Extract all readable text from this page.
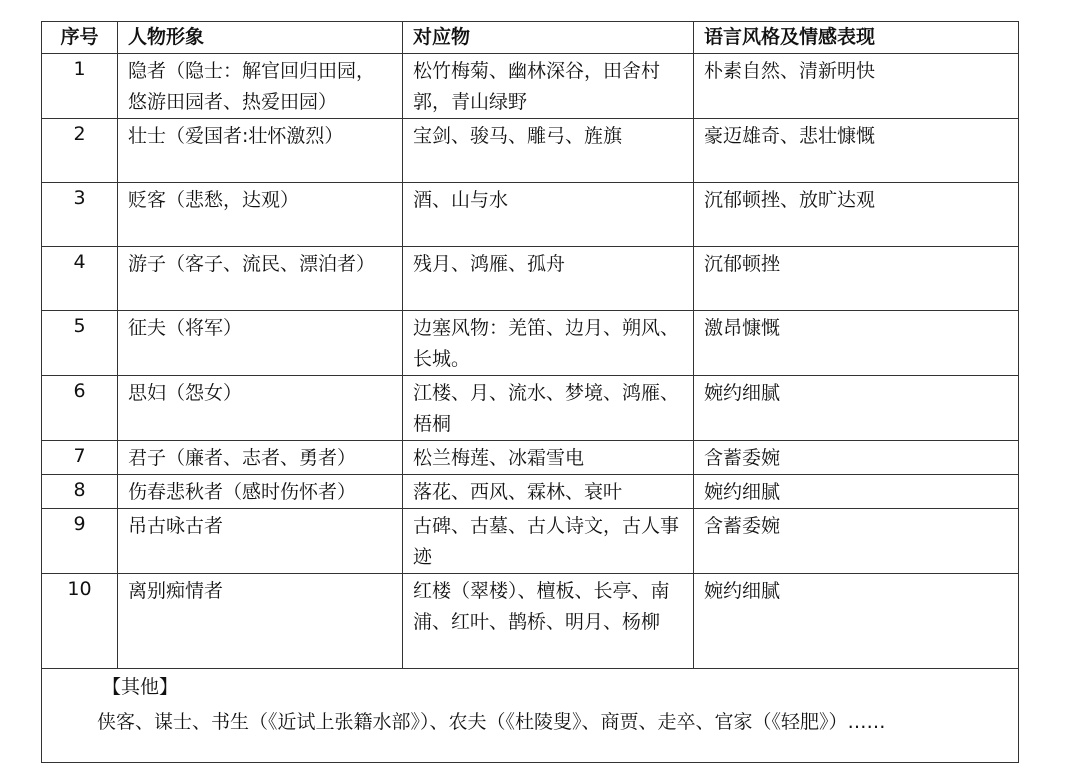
序号	人物形象	对应物	语言风格及情感表现
1	隐者（隐士：解官回归田园，悠游田园者、热爱田园）	松竹梅菊、幽林深谷，田舍村郭，青山绿野	朴素自然、清新明快
2	壮士（爱国者:壮怀激烈）	宝剑、骏马、雕弓、旌旗	豪迈雄奇、悲壮慷慨
3	贬客（悲愁，达观）	酒、山与水	沉郁顿挫、放旷达观
4	游子（客子、流民、漂泊者）	残月、鸿雁、孤舟	沉郁顿挫
5	征夫（将军）	边塞风物：羌笛、边月、朔风、长城。	激昂慷慨
6	思妇（怨女）	江楼、月、流水、梦境、鸿雁、梧桐	婉约细腻
7	君子（廉者、志者、勇者）	松兰梅莲、冰霜雪电	含蓄委婉
8	伤春悲秋者（感时伤怀者）	落花、西风、霖林、衰叶	婉约细腻
9	吊古咏古者	古碑、古墓、古人诗文，古人事迹	含蓄委婉
10	离别痴情者	红楼（翠楼）、檀板、长亭、南浦、红叶、鹊桥、明月、杨柳	婉约细腻

【其他】
侠客、谋士、书生（《近试上张籍水部》）、农夫（《杜陵叟》、商贾、走卒、官家（《轻肥》）……			
